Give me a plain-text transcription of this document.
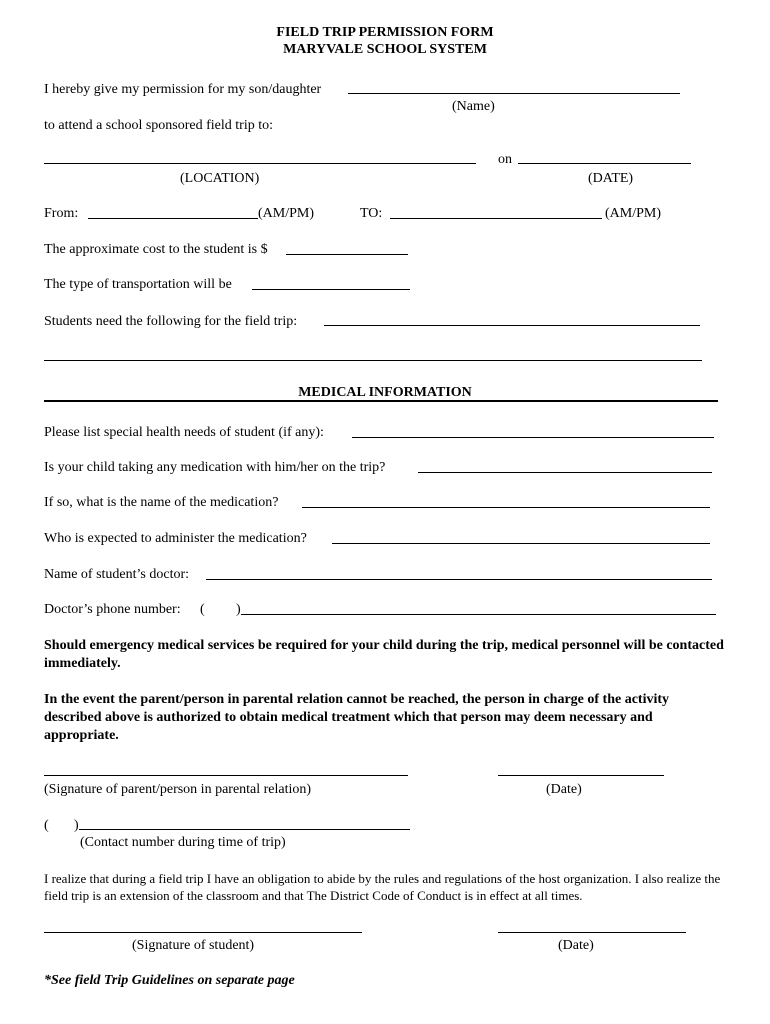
FIELD TRIP PERMISSION FORM
MARYVALE SCHOOL SYSTEM
I hereby give my permission for my son/daughter
(Name)
to attend a school sponsored field trip to:
on
(LOCATION)	(DATE)
From:	(AM/PM)	TO:	(AM/PM)
The approximate cost to the student is $
The type of transportation will be
Students need the following for the field trip:
MEDICAL INFORMATION
Please list special health needs of student (if any):
Is your child taking any medication with him/her on the trip?
If so, what is the name of the medication?
Who is expected to administer the medication?
Name of student’s doctor:
Doctor’s phone number: ( )
Should emergency medical services be required for your child during the trip, medical personnel will be contacted immediately.
In the event the parent/person in parental relation cannot be reached, the person in charge of the activity described above is authorized to obtain medical treatment which that person may deem necessary and appropriate.
(Signature of parent/person in parental relation)	(Date)
( )
(Contact number during time of trip)
I realize that during a field trip I have an obligation to abide by the rules and regulations of the host organization. I also realize the field trip is an extension of the classroom and that The District Code of Conduct is in effect at all times.
(Signature of student)	(Date)
*See field Trip Guidelines on separate page
